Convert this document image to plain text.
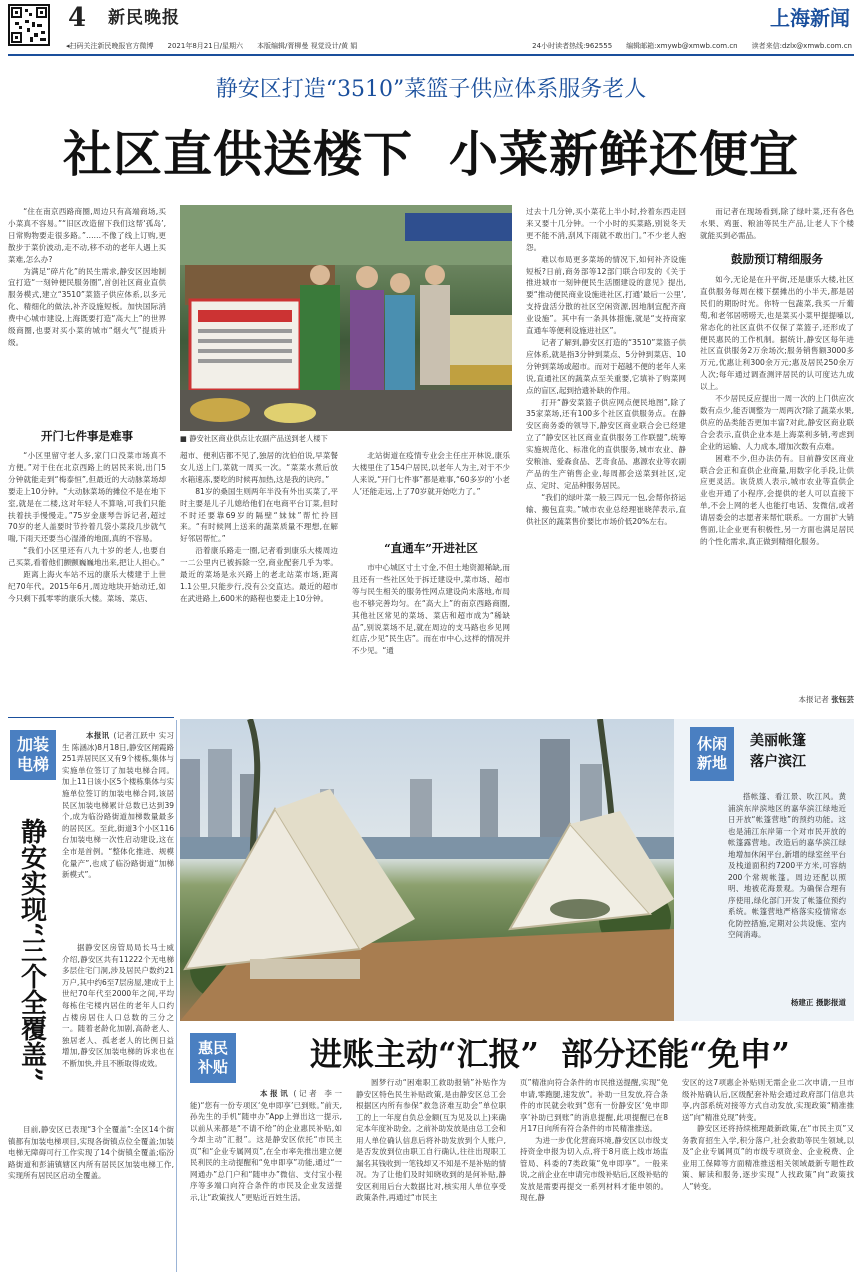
4 新民晚报	上海新闻
◂扫码关注新民晚报官方微博 2021年8月21日/星期六 本版编辑/胥柳曼 视觉设计/黄 娟	24小时读者热线:962555 编辑邮箱:xmywb@xmwb.com.cn 读者来信:dzlx@xmwb.com.cn
静安区打造“3510”菜篮子供应体系服务老人
社区直供送楼下  小菜新鲜还便宜

“住在南京西路商圈,周边只有高端商场,买小菜真不容易。”“旧区改造留下我们这帮‘孤岛’,日常购物要走很多路。”……不像了线上订购,更散步于菜价波动,走不动,移不动的老年人遇上买菜难,怎么办?

为满足“碎片化”的民生需求,静安区因地制宜打造“一刻钟便民服务圈”,首创社区商业直供服务模式,建立“3510”菜篮子供应体系,以多元化、精细化的做法,补齐设施短板。加快国际消费中心城市建设,上海既要打造“高大上”的世界级商圈,也要对买小菜的城市“烟火气”提质升级。

开门七件事是难事

“小区里留守老人多,家门口没菜市场真不方便。”对于住在北京西路上的居民来说,出门5分钟就能走到“梅泰恒”,但最近的大动脉菜场却要走上10分钟。“大动脉菜场的摊位不是在地下室,就是在二楼,这对年轻人不算啥,可我们只能扶着扶手慢慢走。”75岁金康琴告诉记者,超过70岁的老人盖要时节拎着几袋小菜段几步就气喘,下雨天还要当心湿滑的地面,真的不容易。

“我们小区里还有八九十岁的老人,也要自己买菜,看着他们颤颤巍巍地出来,把让人担心。”

距离上海火车站不远的康乐大楼建于上世纪70年代。2015年6月,周边地块开始动迁,如今只剩下孤零零的康乐大楼。菜场、菜店、

■ 静安社区商业供点让农副产品送到老人楼下

超市、便利店都不见了,独居的沈伯伯说,早菜餐女儿送上门,菜就一周买一次。“菜菜水煮后放水箱速冻,要吃的时候再加热,这是我的诀窍。”

81岁的桑国生则两年半没有外出买菜了,平时主要是儿子儿媳给他们在电商平台订菜,但时不时还要靠69岁的隔壁“妹妹”帮忙拎回来。“有时候网上送来的蔬菜质量不理想,在解好邻居帮忙。”

沿着康乐路走一圈,记者看到康乐大楼周边一二公里内已被拆除一空,商业配套几乎为零。最近的菜场是永兴路上的老北站菜市场,距离1.1公里,只能步行,没有公交直达。最近的超市在武进路上,600米的路程也要走上10分钟。

北站街道在疫情专业会主任庄开林说,康乐大楼里住了154户居民,以老年人为主,对于不少人来说,“开门七件事”都是难事,“60多岁的‘小老人’还能走远,上了70岁就开始吃力了。”

“直通车”开进社区

市中心城区寸土寸金,不但土地资源稀缺,而且还有一些社区处于拆迁建设中,菜市场、超市等与民生相关的服务性网点建设尚未落地,布局也不够完善均匀。在“高大上”的南京西路商圈,其他社区常见的菜场、菜店和超市成为“稀缺品”,别说菜场不足,就在周边的支马路也乡见网红店,少见“民生店”。而在市中心,这样的情况并不少见。“通

过去十几分钟,买小菜花上半小时,拎着东西走回来又要十几分钟。一个小时的买菜路,别说冬天更不能不消,刮风下雨就不敢出门。”不少老人抱怨。

难以布局更多菜场的情况下,如何补齐设施短板?日前,商务部等12部门联合印发的《关于推进城市一刻钟便民生活圈建设的意见》提出,要“推动便民商业设施进社区,打通‘最后一公里’,支持盘活分散的社区空闲资源,因地制宜配齐商业设施”。其中有一条具体措施,就是“支持商家直通车等便利设施进社区”。

记者了解到,静安区打造的“3510”菜篮子供应体系,就是指3分钟到菜点、5分钟到菜店、10分钟到菜场或超市。而对于超越不便的老年人来说,直通社区的蔬菜点至关重要,它填补了购菜网点的盲区,起到拾遗补缺的作用。

打开“静安菜篮子供应网点便民地图”,除了35家菜场,还有100多个社区直供服务点。在静安区商务委的领导下,静安区商业联合会已经建立了“静安区社区商业直供服务工作联盟”,统筹实施规范化、标准化的直供服务,城市农业、静安粮油、爱森食品、艺奇食品、惠源农业等农副产品的生产销售企业,每周都会送菜到社区,定点、定时、定品种服务居民。

“我们的绿叶菜一般三四元一包,会帮你挤运输、搬包直卖。”城市农业总经理崔晓萍表示,直供社区的蔬菜售价要比市场价低20%左右。

而记者在现场看到,除了绿叶菜,还有各色水果、鸡蛋、粮油等民生产品,让老人下个楼就能买到必需品。

鼓励预订精细服务

如今,无论是在升平街,还是康乐大楼,社区直供服务每周在楼下摆摊出的小半天,都是居民们的期盼时光。你特一包蔬菜,我买一斤葡萄,和老邻居唠唠天,也是菜买小菜甲提提嗓以,常态化的社区直供不仅保了菜篮子,还形成了便民惠民的工作机制。据统计,静安区每年进社区直供服务2万余场次;服务销售额3000多万元,优惠让利300余万元;惠及居民250余万人次;每年通过调查测评居民的认可度达九成以上。

不少居民反应提出一周一次的上门供应次数有点少,能否调整为一周两次?除了蔬菜水果,供应的品类能否更加丰富?对此,静安区商业联合会表示,直供企业本是上海菜利多销,考虑到企业的运输、人力成本,增加次数有点难。

困难不少,但办法仍有。目前静安区商业联合会正和直供企业商量,用数字化手段,让供应更灵活。诙货质人表示,城市农业等直供企业也开通了小程序,会提供的老人可以直接下单,不会上网的老人也能打电话、发微信,或者请居委会的志愿者来帮忙联系。一方面扩大销售面,让企业更有积极性,另一方面也满足居民的个性化需求,真正做到精细化服务。

本报记者 张钰芸
加装电梯
静安实现“三个全覆盖”

本报讯 (记者江跃中 实习生 陈涵冰)8月18日,静安区闸霞路251弄居民区又有9个楼栋,集体与实施单位签订了加装电梯合同。加上11日该小区5个楼栋集体与实施单位签订的加装电梯合同,该居民区加装电梯累计总数已达到39个,成为临汾路街道加梯数量最多的居民区。至此,街道3个小区116台加装电梯一次性启动建设,这在全市是首例。“整体化推进、规模化量产”,也成了临汾路街道“加梯新模式”。

据静安区房管局局长马士威介绍,静安区共有11222个无电梯多层住宅门洞,涉及居民户数约21万户,其中约6至7层房屋,建成于上世纪70年代至2000年之间,平均每栋住宅楼内居住的老年人口约占楼房居住人口总数的三分之一。随着老龄化加剧,高龄老人、独居老人、孤老老人的比例日益增加,静安区加装电梯的诉求也在不断加快,并且不断取得成效。

目前,静安区已表现“3个全覆盖”:全区14个街镇都有加装电梯项目,实现各街镇点位全覆盖;加装电梯无障碍可行工作实现了14个街镇全覆盖;临汾路街道和彭浦镇辖区内所有居民区加装电梯工作,实现所有居民区启动全覆盖。

休闲新地
美丽帐篷落户滨江

搭帐篷、看江景、吹江风。黄浦滨东岸滨地区的嘉华滨江绿地近日开放“帐篷营地”的预约功能。这也是浦江东岸第一个对市民开放的帐篷露营地。改造后的嘉华滨江绿地增加休闲平台,新增的绿室丝平台及栈道面积约7200平方米,可容纳200个常规帐篷。周边还配以照明、地被花海景观。为确保合理有序使用,绿化部门开发了帐篷位预约系统。帐篷营地严格落实疫情常态化防控措施,定期对公共设施、室内空间消毒。

杨建正 摄影报道
惠民补贴	进账主动“汇报”  部分还能“免申”

本报讯 (记者 李一能)“您有一份专项区‘免申即享’已到账。”前天,孙先生的手机“随申办”App上弹出这一提示,以前从来都是“不请不给”的企业惠民补贴,如今却主动“汇报”。这是静安区依托“市民主页”和“企业专属网页”,在全市率先推出建立便民利民的主动提醒和“免申即享”功能,通过“一网通办”总门户和“随申办”微信、支付宝小程序等多端口向符合条件的市民及企业发送提示,让“政策找人”更贴近百姓生活。

圆梦行动“困难职工救助报销”补贴作为静安区特色民生补贴政策,是由静安区总工会根据区内所有参保“救急济难互助会”单位职工的上一年度自负总金额(互为见及以上)来确定本年度补助金。之前补助发放是由总工会和用人单位确认信息后将补助发放到个人账户,是否发放到位由职工自行确认,往往出现职工漏名其钱收到一笔钱却又不知是不是补贴的情况。为了让他们及时知晓收到的是何补贴,静安区利用后台大数据比对,核实用人单位享受政策条件,再通过“市民主

页”精准向符合条件的市民推送提醒,实现“免申请,零跑腿,速发放”。补助一旦发放,符合条件的市民就会收到“您有一份静安区‘免申即享’补助已到账”的消息提醒,此项提醒已在8月17日向所有符合条件的市民精准推送。

为进一步优化营商环境,静安区以市级支持资金申报为切入点,将于8月底上线市场监管局、科委的7类政策“免申即享”。一般来说,之前企业在申请完市级补贴后,区级补贴的发放是需要再提交一系列材料才能申领的。现在,静

安区的这7项惠企补贴则无需企业二次申请,一旦市级补贴确认后,区级配套补贴会通过政府部门信息共享,内部系统对接等方式自动发放,实现政策“精准推送”向“精准兑现”转变。

静安区还将持续梳理最新政策,在“市民主页”又务教育招生入学,积分落户,社会救助等民生领域,以及“企业专属网页”的市级专项资金、企业税费、企业用工保障等方面精准推送相关领域最新专题性政策、解读和服务,逐步实现“人找政策”向“政策找人”转变。
